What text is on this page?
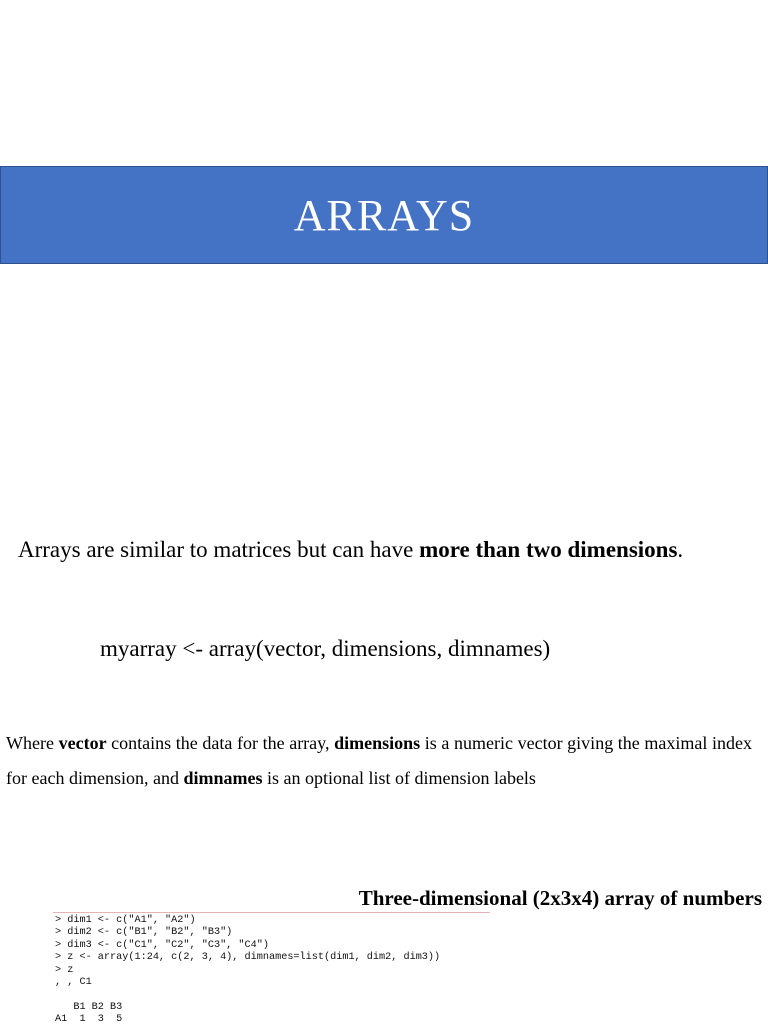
ARRAYS
Arrays are similar to matrices but can have more than two dimensions.
myarray <- array(vector, dimensions, dimnames)
Where vector contains the data for the array, dimensions is a numeric vector giving the maximal index for each dimension, and dimnames is an optional list of dimension labels
Three-dimensional (2x3x4) array of numbers
> dim1 <- c("A1", "A2")
> dim2 <- c("B1", "B2", "B3")
> dim3 <- c("C1", "C2", "C3", "C4")
> z <- array(1:24, c(2, 3, 4), dimnames=list(dim1, dim2, dim3))
> z
, , C1

B1 B2 B3
A1  1  3  5
